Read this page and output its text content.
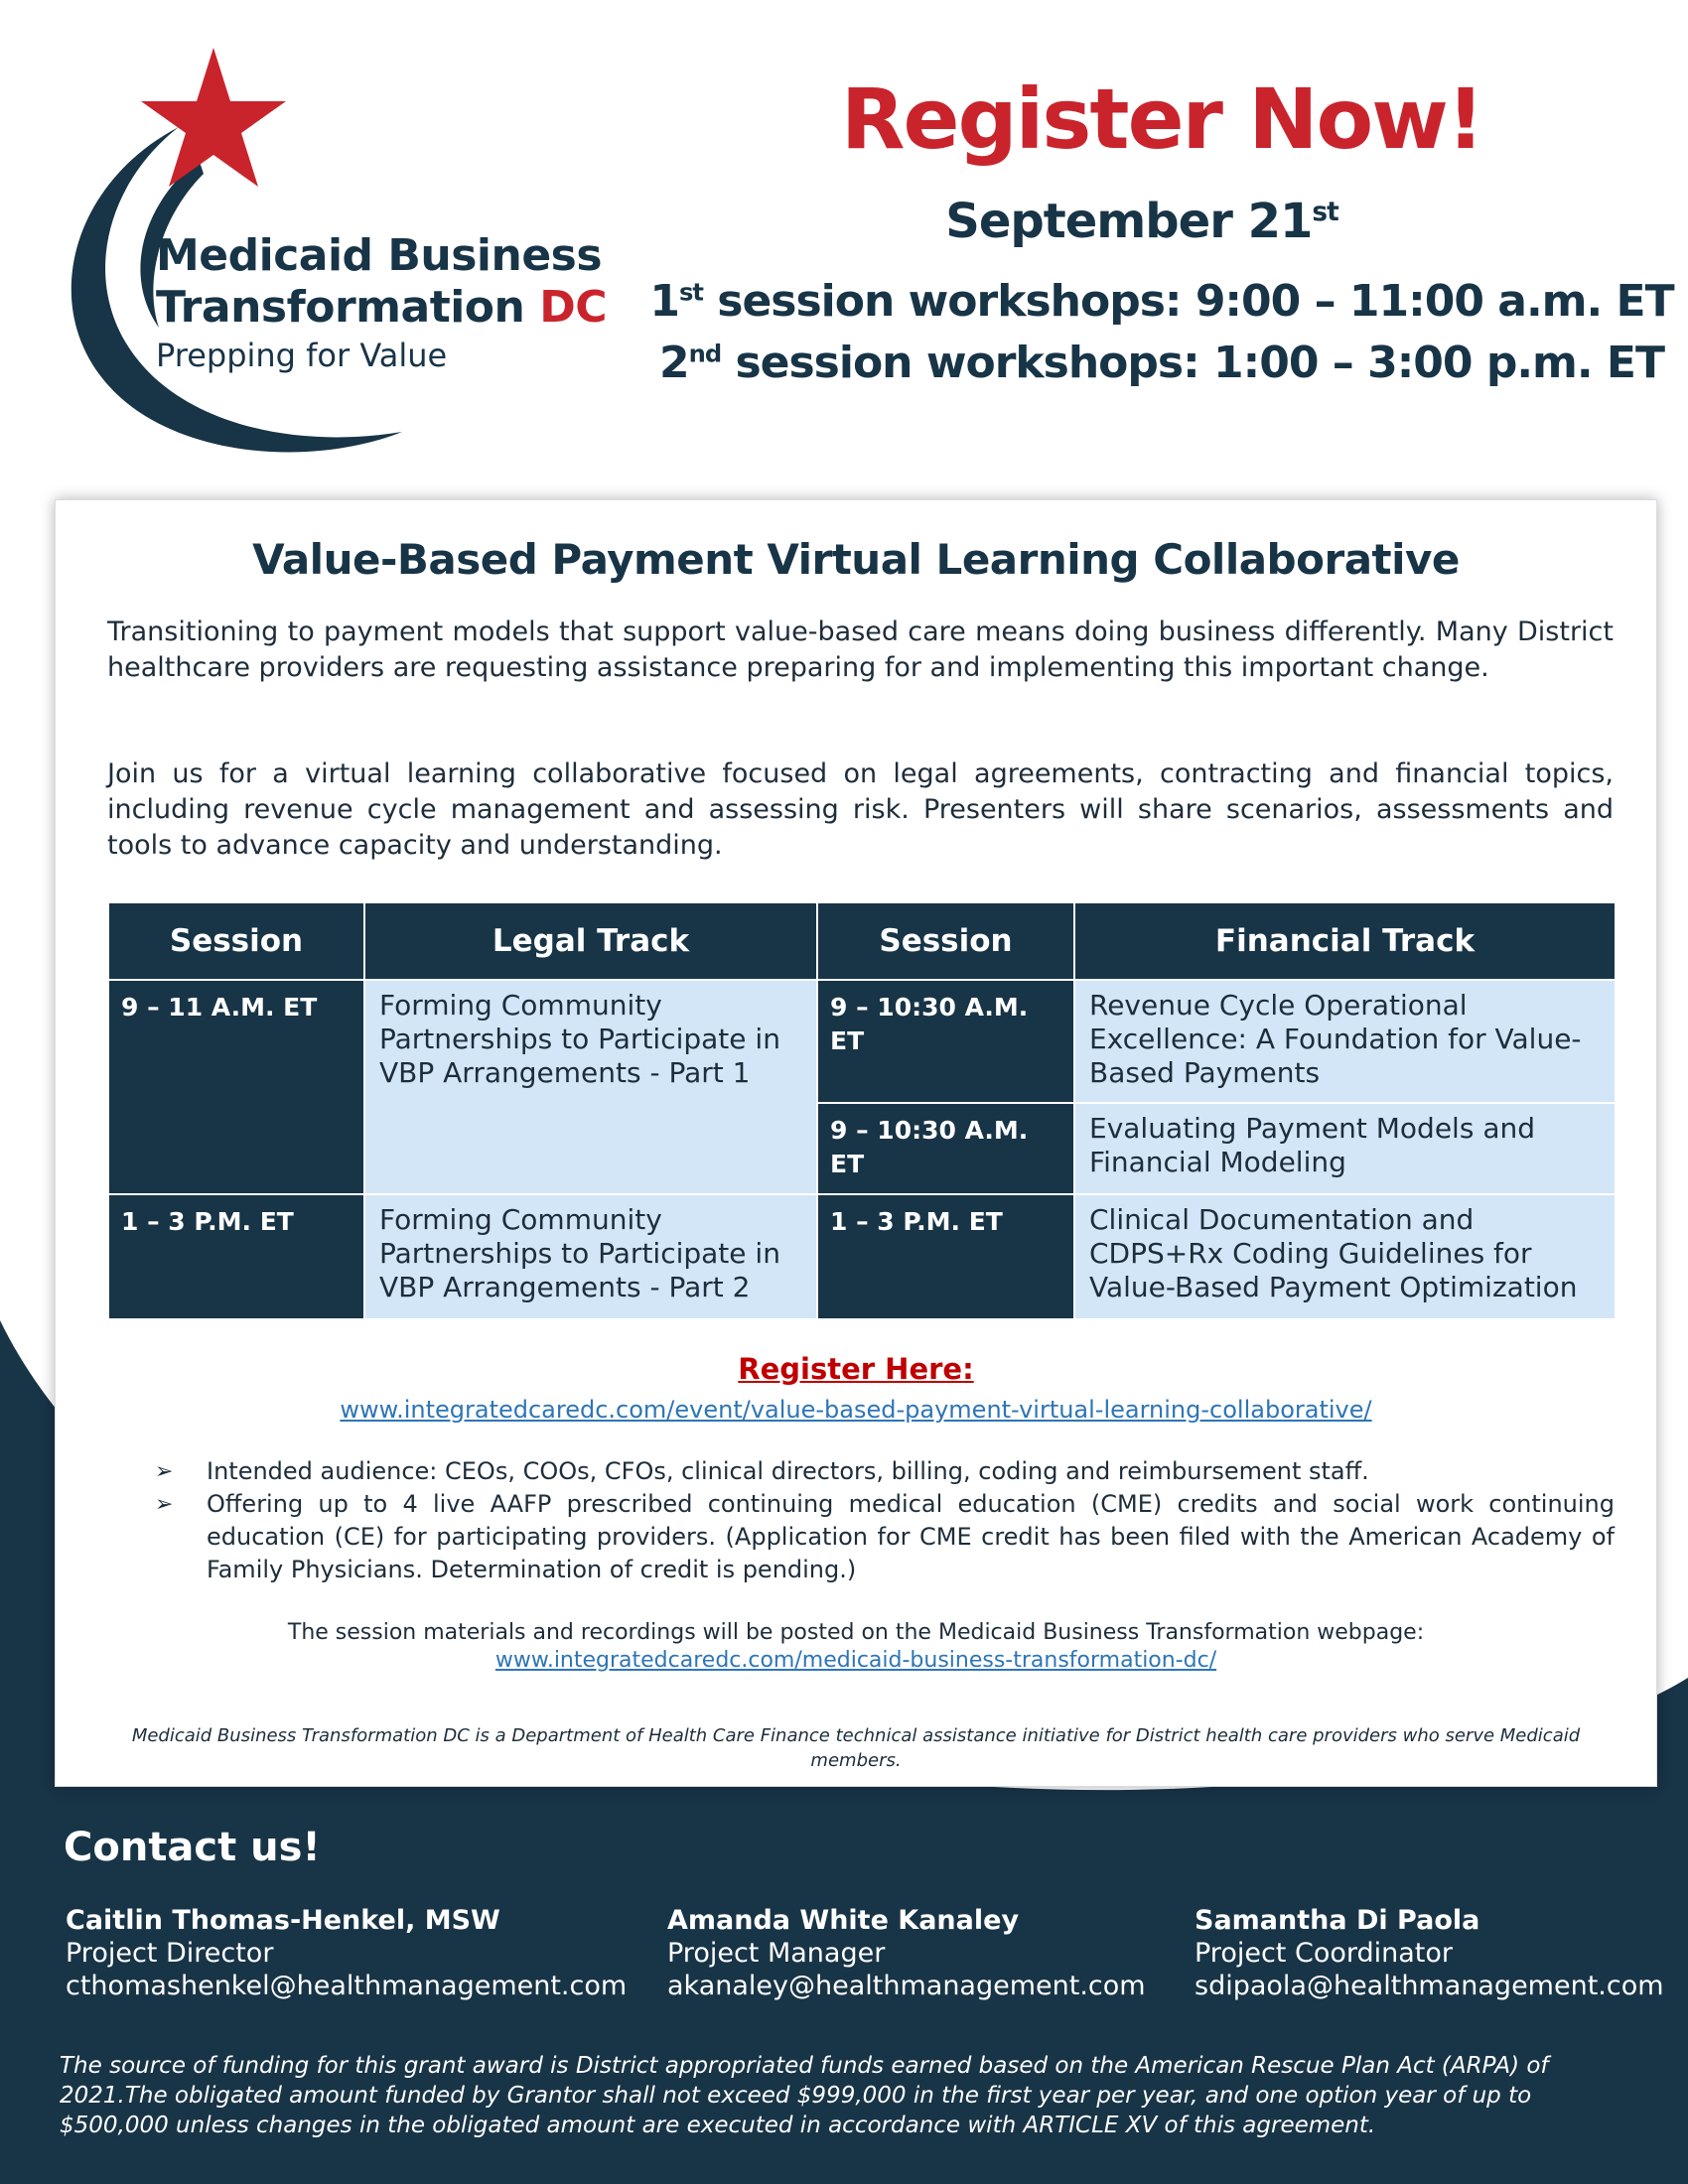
Medicaid Business
Transformation DC
Prepping for Value
Register Now!
September 21st
1st session workshops: 9:00 – 11:00 a.m. ET
2nd session workshops: 1:00 – 3:00 p.m. ET
Value-Based Payment Virtual Learning Collaborative
Transitioning to payment models that support value-based care means doing business differently. Many District healthcare providers are requesting assistance preparing for and implementing this important change.
Join us for a virtual learning collaborative focused on legal agreements, contracting and financial topics, including revenue cycle management and assessing risk. Presenters will share scenarios, assessments and tools to advance capacity and understanding.
Session	Legal Track	Session	Financial Track
9 – 11 A.M. ET	Forming Community Partnerships to Participate in VBP Arrangements - Part 1	9 – 10:30 A.M. ET	Revenue Cycle Operational Excellence: A Foundation for Value-Based Payments
		9 – 10:30 A.M. ET	Evaluating Payment Models and Financial Modeling
1 – 3 P.M. ET	Forming Community Partnerships to Participate in VBP Arrangements - Part 2	1 – 3 P.M. ET	Clinical Documentation and CDPS+Rx Coding Guidelines for Value-Based Payment Optimization
Register Here:
www.integratedcaredc.com/event/value-based-payment-virtual-learning-collaborative/
➢	Intended audience: CEOs, COOs, CFOs, clinical directors, billing, coding and reimbursement staff.
➢	Offering up to 4 live AAFP prescribed continuing medical education (CME) credits and social work continuing education (CE) for participating providers. (Application for CME credit has been filed with the American Academy of Family Physicians. Determination of credit is pending.)
The session materials and recordings will be posted on the Medicaid Business Transformation webpage:
www.integratedcaredc.com/medicaid-business-transformation-dc/
Medicaid Business Transformation DC is a Department of Health Care Finance technical assistance initiative for District health care providers who serve Medicaid members.
Contact us!
Caitlin Thomas-Henkel, MSW
Project Director
cthomashenkel@healthmanagement.com
Amanda White Kanaley
Project Manager
akanaley@healthmanagement.com
Samantha Di Paola
Project Coordinator
sdipaola@healthmanagement.com
The source of funding for this grant award is District appropriated funds earned based on the American Rescue Plan Act (ARPA) of 2021.The obligated amount funded by Grantor shall not exceed $999,000 in the first year per year, and one option year of up to $500,000 unless changes in the obligated amount are executed in accordance with ARTICLE XV of this agreement.
